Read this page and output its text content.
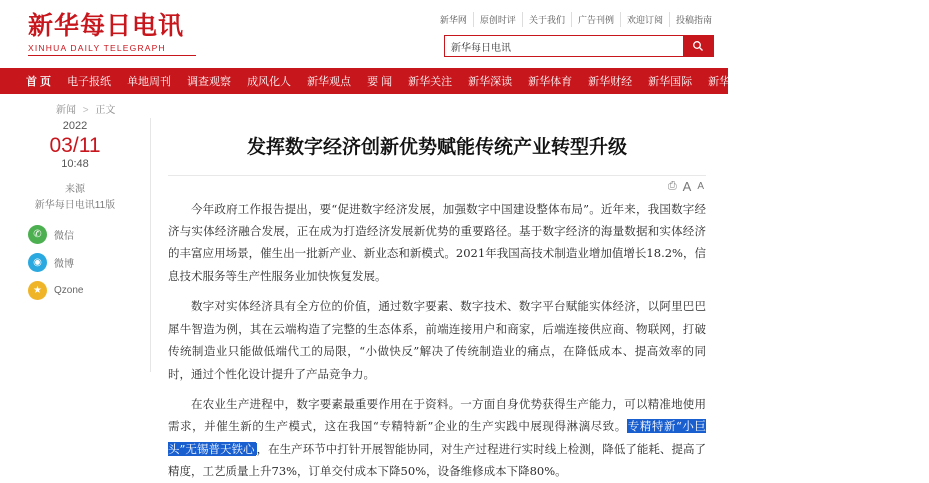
新华每日电讯
XINHUA DAILY TELEGRAPH
新华网	原创时评	关于我们	广告刊例	欢迎订阅	投稿指南
新华每日电讯
首 页	电子报纸	单地周刊	调查观察	成风化人	新华观点	要 闻	新华关注	新华深读	新华体育	新华财经	新华国际	新华视媒	精彩专题	医卫健康	看天下
新闻 > 正文
2022
03/11
10:48
来源
新华每日电讯11版
✆	微信
◉	微博
★	Qzone
发挥数字经济创新优势赋能传统产业转型升级
⎙ A A

今年政府工作报告提出，要“促进数字经济发展，加强数字中国建设整体布局”。近年来，我国数字经济与实体经济融合发展，正在成为打造经济发展新优势的重要路径。基于数字经济的海量数据和实体经济的丰富应用场景，催生出一批新产业、新业态和新模式。2021年我国高技术制造业增加值增长18.2%，信息技术服务等生产性服务业加快恢复发展。

数字对实体经济具有全方位的价值，通过数字要素、数字技术、数字平台赋能实体经济，以阿里巴巴犀牛智造为例，其在云端构造了完整的生态体系，前端连接用户和商家，后端连接供应商、物联网，打破传统制造业只能做低端代工的局限，“小做快反”解决了传统制造业的痛点，在降低成本、提高效率的同时，通过个性化设计提升了产品竞争力。

在农业生产进程中，数字要素最重要作用在于资料。一方面自身优势获得生产能力，可以精准地使用需求，并催生新的生产模式，这在我国“专精特新”企业的生产实践中展现得淋漓尽致。专精特新“小巨头”无锡普天铁心 ，在生产环节中打针开展智能协同，对生产过程进行实时线上检测，降低了能耗、提高了精度，工艺质量上升73%，订单交付成本下降50%，设备维修成本下降80%。
